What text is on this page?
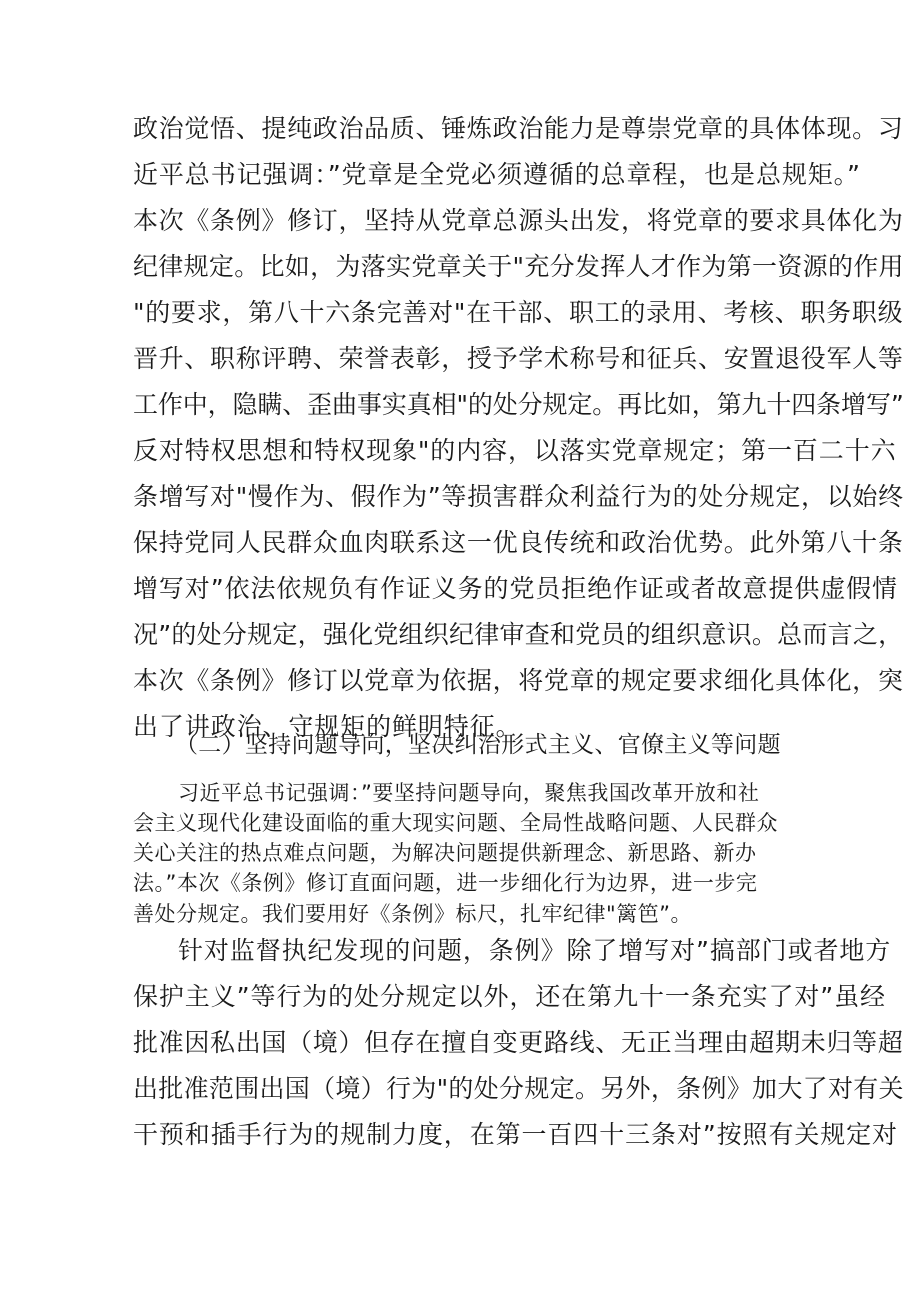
政治觉悟、提纯政治品质、锤炼政治能力是尊崇党章的具体体现。习
近平总书记强调：”党章是全党必须遵循的总章程，也是总规矩。”
本次《条例》修订，坚持从党章总源头出发，将党章的要求具体化为
纪律规定。比如，为落实党章关于"充分发挥人才作为第一资源的作用
"的要求，第八十六条完善对"在干部、职工的录用、考核、职务职级
晋升、职称评聘、荣誉表彰，授予学术称号和征兵、安置退役军人等
工作中，隐瞒、歪曲事实真相"的处分规定。再比如，第九十四条增写”
反对特权思想和特权现象"的内容，以落实党章规定；第一百二十六
条增写对"慢作为、假作为”等损害群众利益行为的处分规定，以始终
保持党同人民群众血肉联系这一优良传统和政治优势。此外第八十条
增写对”依法依规负有作证义务的党员拒绝作证或者故意提供虚假情
况”的处分规定，强化党组织纪律审查和党员的组织意识。总而言之，
本次《条例》修订以党章为依据，将党章的规定要求细化具体化，突
出了讲政治、守规矩的鲜明特征。
（二）坚持问题导向，坚决纠治形式主义、官僚主义等问题
习近平总书记强调：”要坚持问题导向，聚焦我国改革开放和社
会主义现代化建设面临的重大现实问题、全局性战略问题、人民群众
关心关注的热点难点问题，为解决问题提供新理念、新思路、新办
法。”本次《条例》修订直面问题，进一步细化行为边界，进一步完
善处分规定。我们要用好《条例》标尺，扎牢纪律"篱笆”。
针对监督执纪发现的问题，条例》除了增写对”搞部门或者地方
保护主义”等行为的处分规定以外，还在第九十一条充实了对”虽经
批准因私出国（境）但存在擅自变更路线、无正当理由超期未归等超
出批准范围出国（境）行为"的处分规定。另外，条例》加大了对有关
干预和插手行为的规制力度，在第一百四十三条对”按照有关规定对
